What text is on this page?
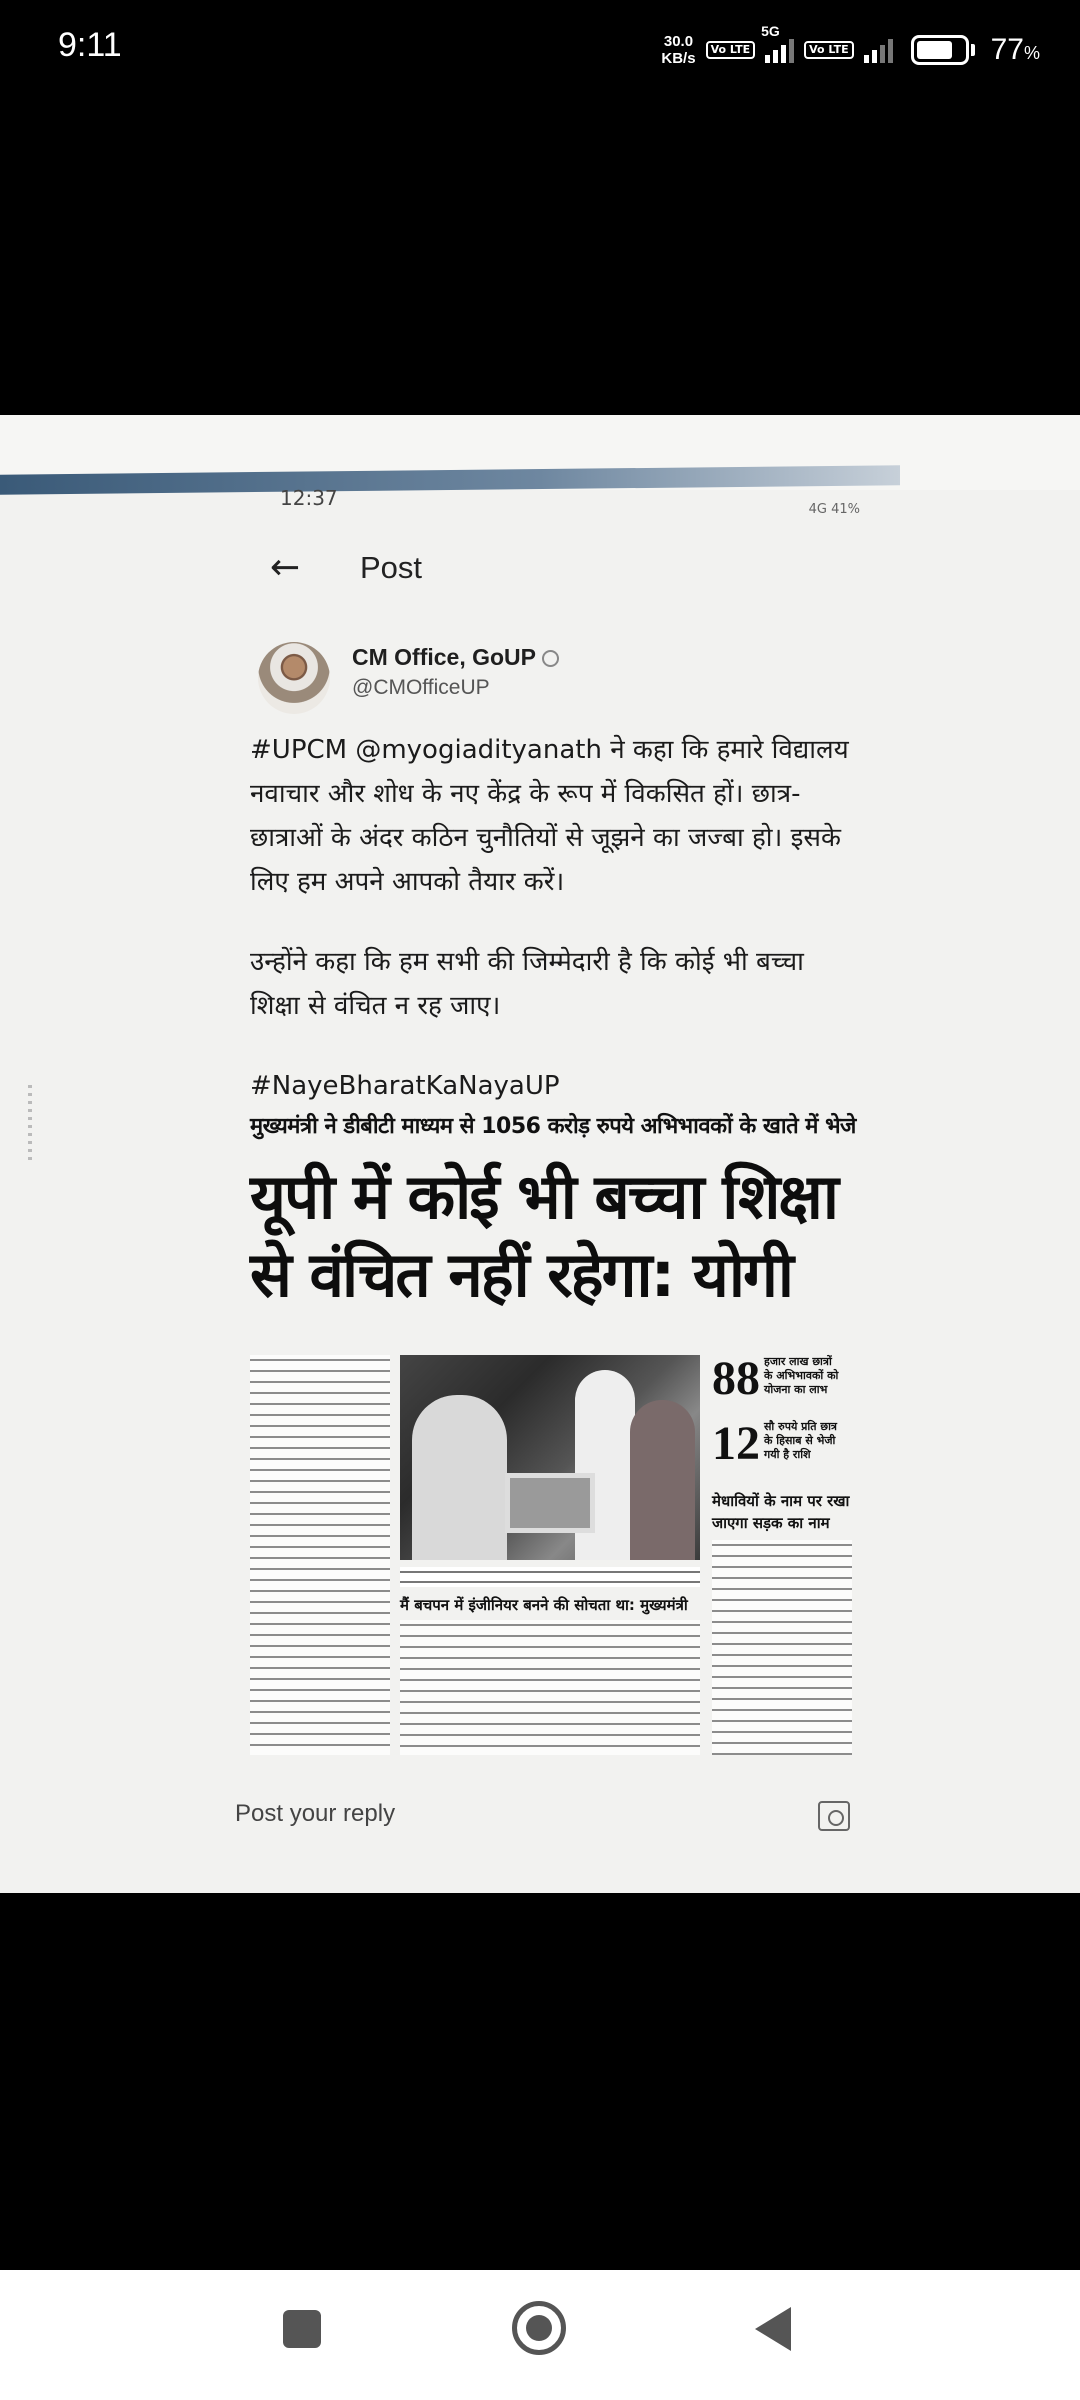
9:11	30.0
KB/s
Vo LTE
5G
Vo LTE	77%
12:37	4G 41%
←	Post
CM Office, GoUP
@CMOfficeUP

#UPCM @myogiadityanath ने कहा कि हमारे विद्यालय नवाचार और शोध के नए केंद्र के रूप में विकसित हों। छात्र-छात्राओं के अंदर कठिन चुनौतियों से जूझने का जज्बा हो। इसके लिए हम अपने आपको तैयार करें।

उन्होंने कहा कि हम सभी की जिम्मेदारी है कि कोई भी बच्चा शिक्षा से वंचित न रह जाए।

#NayeBharatKaNayaUP

मुख्यमंत्री ने डीबीटी माध्यम से 1056 करोड़ रुपये अभिभावकों के खाते में भेजे
यूपी में कोई भी बच्चा शिक्षा
से वंचित नहीं रहेगा: योगी
मैं बचपन में इंजीनियर बनने की सोचता था: मुख्यमंत्री
88 हजार लाख छात्रों के अभिभावकों को योजना का लाभ
12 सौ रुपये प्रति छात्र के हिसाब से भेजी गयी है राशि
मेधावियों के नाम पर रखा जाएगा सड़क का नाम
Post your reply
